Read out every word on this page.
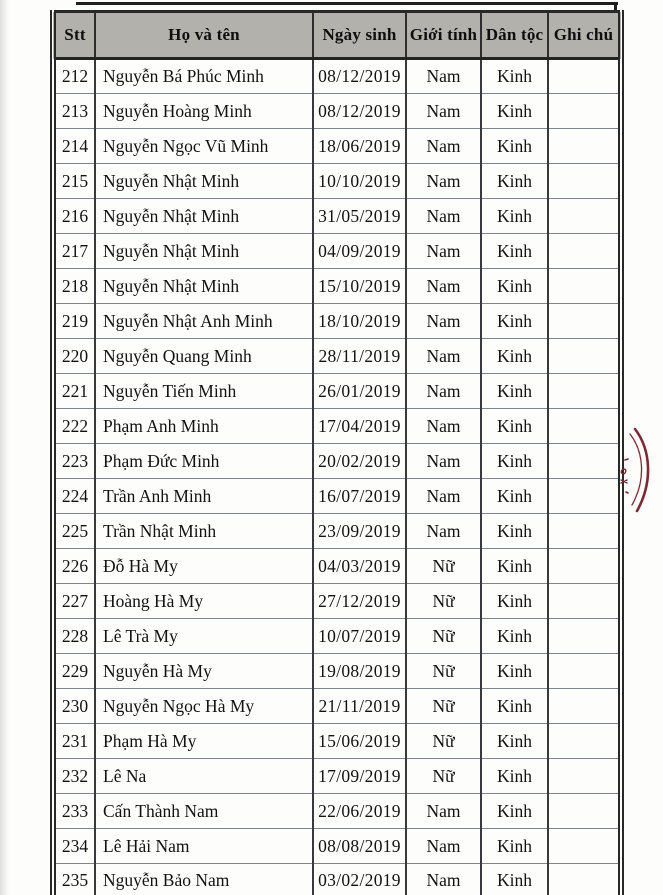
Stt	Họ và tên	Ngày sinh	Giới tính	Dân tộc	Ghi chú
212	Nguyễn Bá Phúc Minh	08/12/2019	Nam	Kinh	
213	Nguyễn Hoàng Minh	08/12/2019	Nam	Kinh	
214	Nguyễn Ngọc Vũ Minh	18/06/2019	Nam	Kinh	
215	Nguyễn Nhật Minh	10/10/2019	Nam	Kinh	
216	Nguyễn Nhật Minh	31/05/2019	Nam	Kinh	
217	Nguyễn Nhật Minh	04/09/2019	Nam	Kinh	
218	Nguyễn Nhật Minh	15/10/2019	Nam	Kinh	
219	Nguyễn Nhật Anh Minh	18/10/2019	Nam	Kinh	
220	Nguyễn Quang Minh	28/11/2019	Nam	Kinh	
221	Nguyễn Tiến Minh	26/01/2019	Nam	Kinh	
222	Phạm Anh Minh	17/04/2019	Nam	Kinh	
223	Phạm Đức Minh	20/02/2019	Nam	Kinh	
224	Trần Anh Minh	16/07/2019	Nam	Kinh	
225	Trần Nhật Minh	23/09/2019	Nam	Kinh	
226	Đỗ Hà My	04/03/2019	Nữ	Kinh	
227	Hoàng Hà My	27/12/2019	Nữ	Kinh	
228	Lê Trà My	10/07/2019	Nữ	Kinh	
229	Nguyễn Hà My	19/08/2019	Nữ	Kinh	
230	Nguyễn Ngọc Hà My	21/11/2019	Nữ	Kinh	
231	Phạm Hà My	15/06/2019	Nữ	Kinh	
232	Lê Na	17/09/2019	Nữ	Kinh	
233	Cấn Thành Nam	22/06/2019	Nam	Kinh	
234	Lê Hải Nam	08/08/2019	Nam	Kinh	
235	Nguyễn Bảo Nam	03/02/2019	Nam	Kinh	
